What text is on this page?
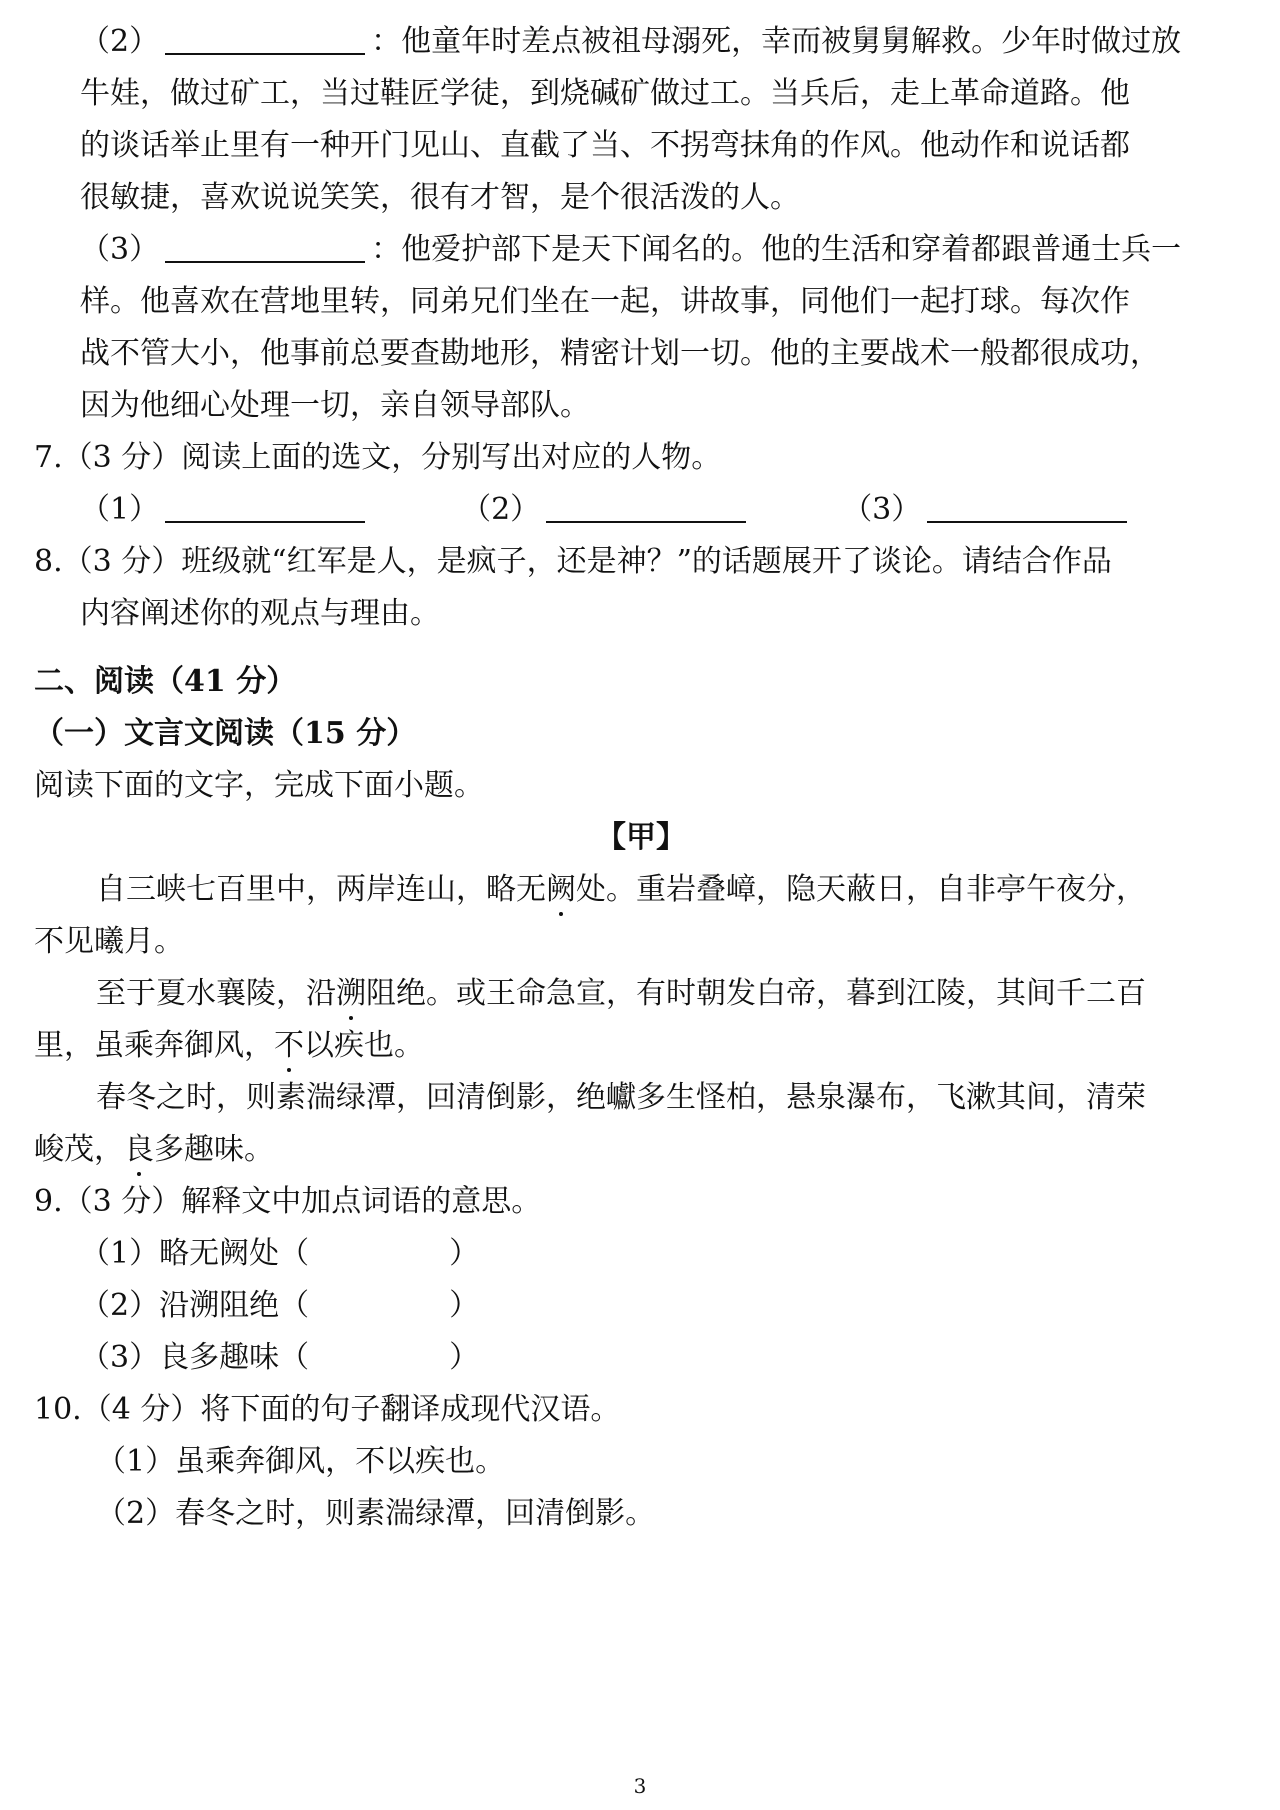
（2）	：他童年时差点被祖母溺死，幸而被舅舅解救。少年时做过放
牛娃，做过矿工，当过鞋匠学徒，到烧碱矿做过工。当兵后，走上革命道路。他
的谈话举止里有一种开门见山、直截了当、不拐弯抹角的作风。他动作和说话都
很敏捷，喜欢说说笑笑，很有才智，是个很活泼的人。
（3）	：他爱护部下是天下闻名的。他的生活和穿着都跟普通士兵一
样。他喜欢在营地里转，同弟兄们坐在一起，讲故事，同他们一起打球。每次作
战不管大小，他事前总要查勘地形，精密计划一切。他的主要战术一般都很成功，
因为他细心处理一切，亲自领导部队。
7.（3 分）阅读上面的选文，分别写出对应的人物。
（1）	（2）	（3）
8.（3 分）班级就“红军是人，是疯子，还是神？”的话题展开了谈论。请结合作品
内容阐述你的观点与理由。
二、阅读（41 分）
（一）文言文阅读（15 分）
阅读下面的文字，完成下面小题。
【甲】
自三峡七百里中，两岸连山，略无阙处。重岩叠嶂，隐天蔽日，自非亭午夜分，
不见曦月。
至于夏水襄陵，沿溯阻绝。或王命急宣，有时朝发白帝，暮到江陵，其间千二百
里，虽乘奔御风，不以疾也。
春冬之时，则素湍绿潭，回清倒影，绝巘多生怪柏，悬泉瀑布，飞漱其间，清荣
峻茂，良多趣味。
9.（3 分）解释文中加点词语的意思。
（1）略无阙处（	）
（2）沿溯阻绝（	）
（3）良多趣味（	）
10.（4 分）将下面的句子翻译成现代汉语。
（1）虽乘奔御风，不以疾也。
（2）春冬之时，则素湍绿潭，回清倒影。
3
